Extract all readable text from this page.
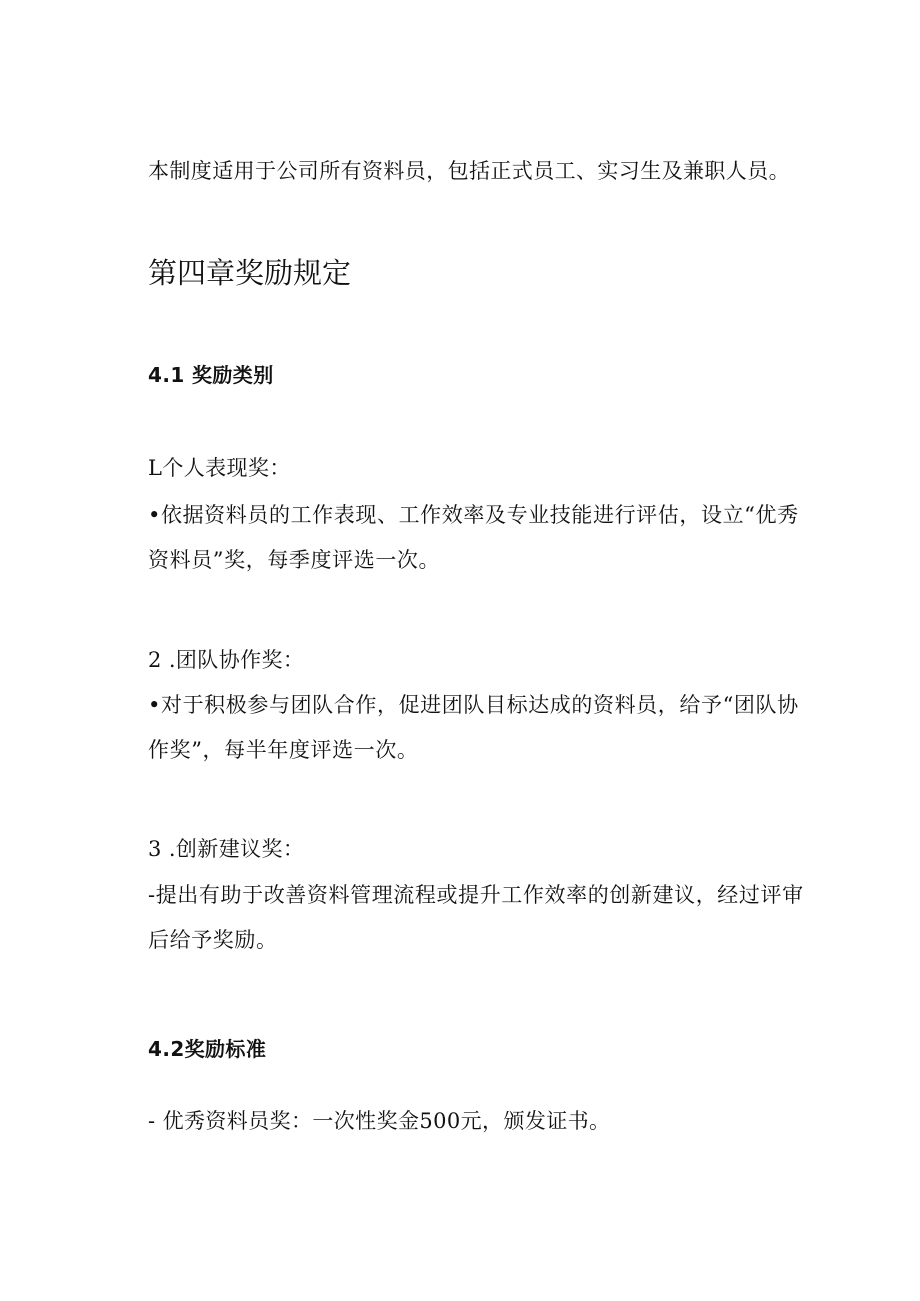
本制度适用于公司所有资料员，包括正式员工、实习生及兼职人员。
第四章奖励规定
4.1 奖励类别
L个人表现奖：
•依据资料员的工作表现、工作效率及专业技能进行评估，设立“优秀资料员”奖，每季度评选一次。
2 .团队协作奖：
•对于积极参与团队合作，促进团队目标达成的资料员，给予“团队协作奖”，每半年度评选一次。
3 .创新建议奖：
-提出有助于改善资料管理流程或提升工作效率的创新建议，经过评审后给予奖励。
4.2奖励标准
- 优秀资料员奖：一次性奖金500元，颁发证书。
